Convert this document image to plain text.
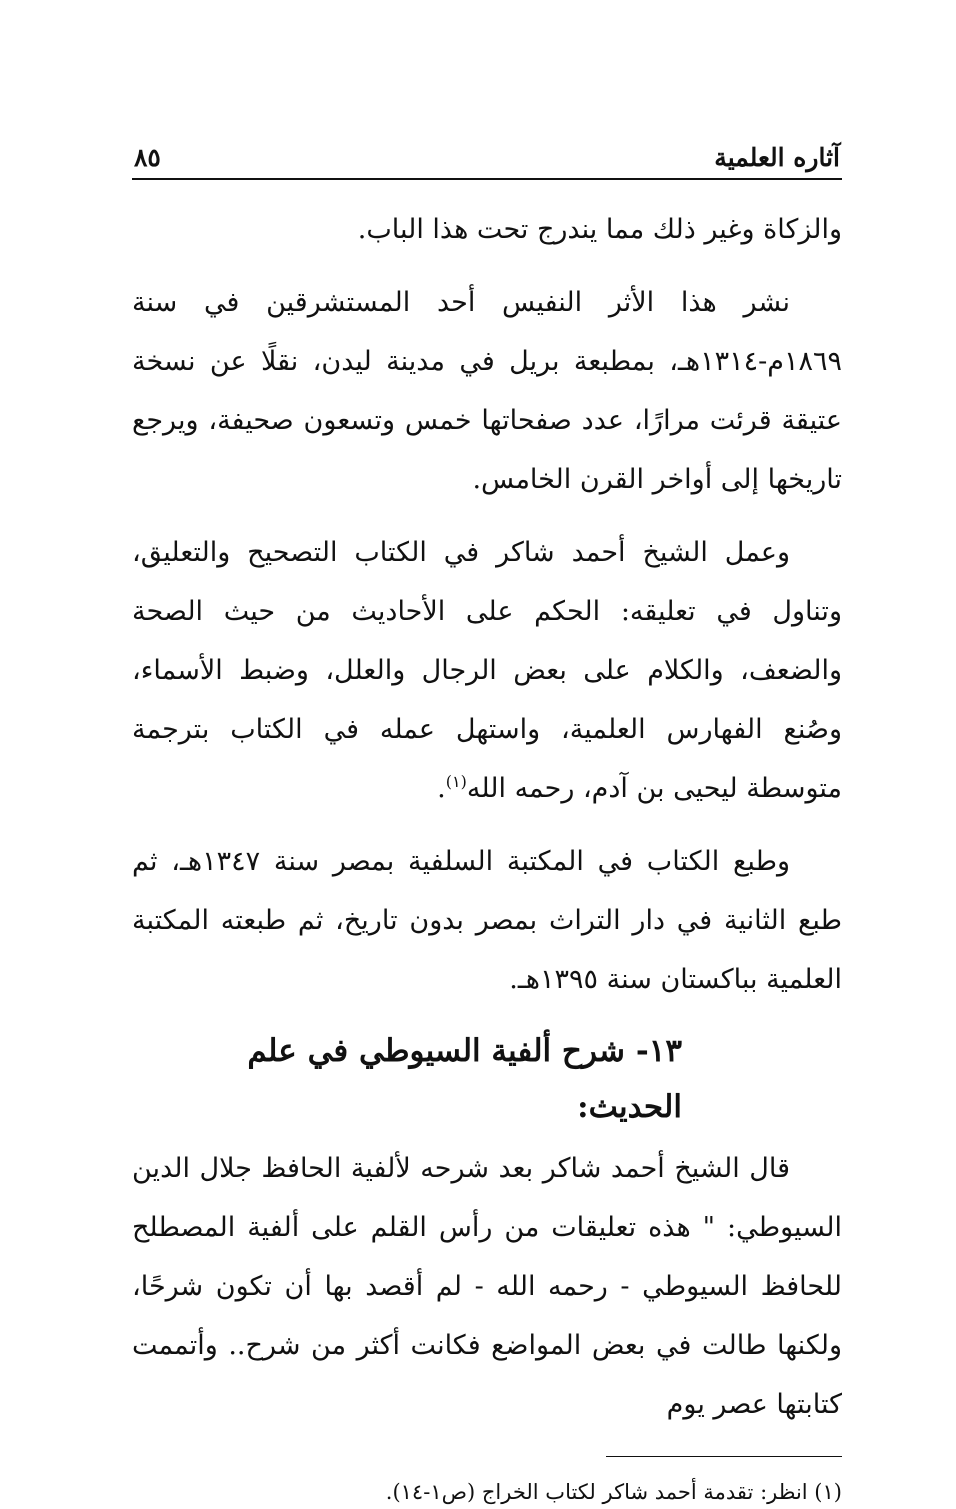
آثاره العلمية
٨٥

والزكاة وغير ذلك مما يندرج تحت هذا الباب.

نشر هذا الأثر النفيس أحد المستشرقين في سنة ١٨٦٩م-١٣١٤هـ، بمطبعة بريل في مدينة ليدن، نقلًا عن نسخة عتيقة قرئت مرارًا، عدد صفحاتها خمس وتسعون صحيفة، ويرجع تاريخها إلى أواخر القرن الخامس.

وعمل الشيخ أحمد شاكر في الكتاب التصحيح والتعليق، وتناول في تعليقه: الحكم على الأحاديث من حيث الصحة والضعف، والكلام على بعض الرجال والعلل، وضبط الأسماء، وصُنع الفهارس العلمية، واستهل عمله في الكتاب بترجمة متوسطة ليحيى بن آدم، رحمه الله$^{(١)}$.

وطبع الكتاب في المكتبة السلفية بمصر سنة ١٣٤٧هـ، ثم طبع الثانية في دار التراث بمصر بدون تاريخ، ثم طبعته المكتبة العلمية بباكستان سنة ١٣٩٥هـ.

١٣- شرح ألفية السيوطي في علم الحديث:

قال الشيخ أحمد شاكر بعد شرحه لألفية الحافظ جلال الدين السيوطي: " هذه تعليقات من رأس القلم على ألفية المصطلح للحافظ السيوطي - رحمه الله - لم أقصد بها أن تكون شرحًا، ولكنها طالت في بعض المواضع فكانت أكثر من شرح.. وأتممت كتابتها عصر يوم

(١) انظر: تقدمة أحمد شاكر لكتاب الخراج (ص١-١٤).
